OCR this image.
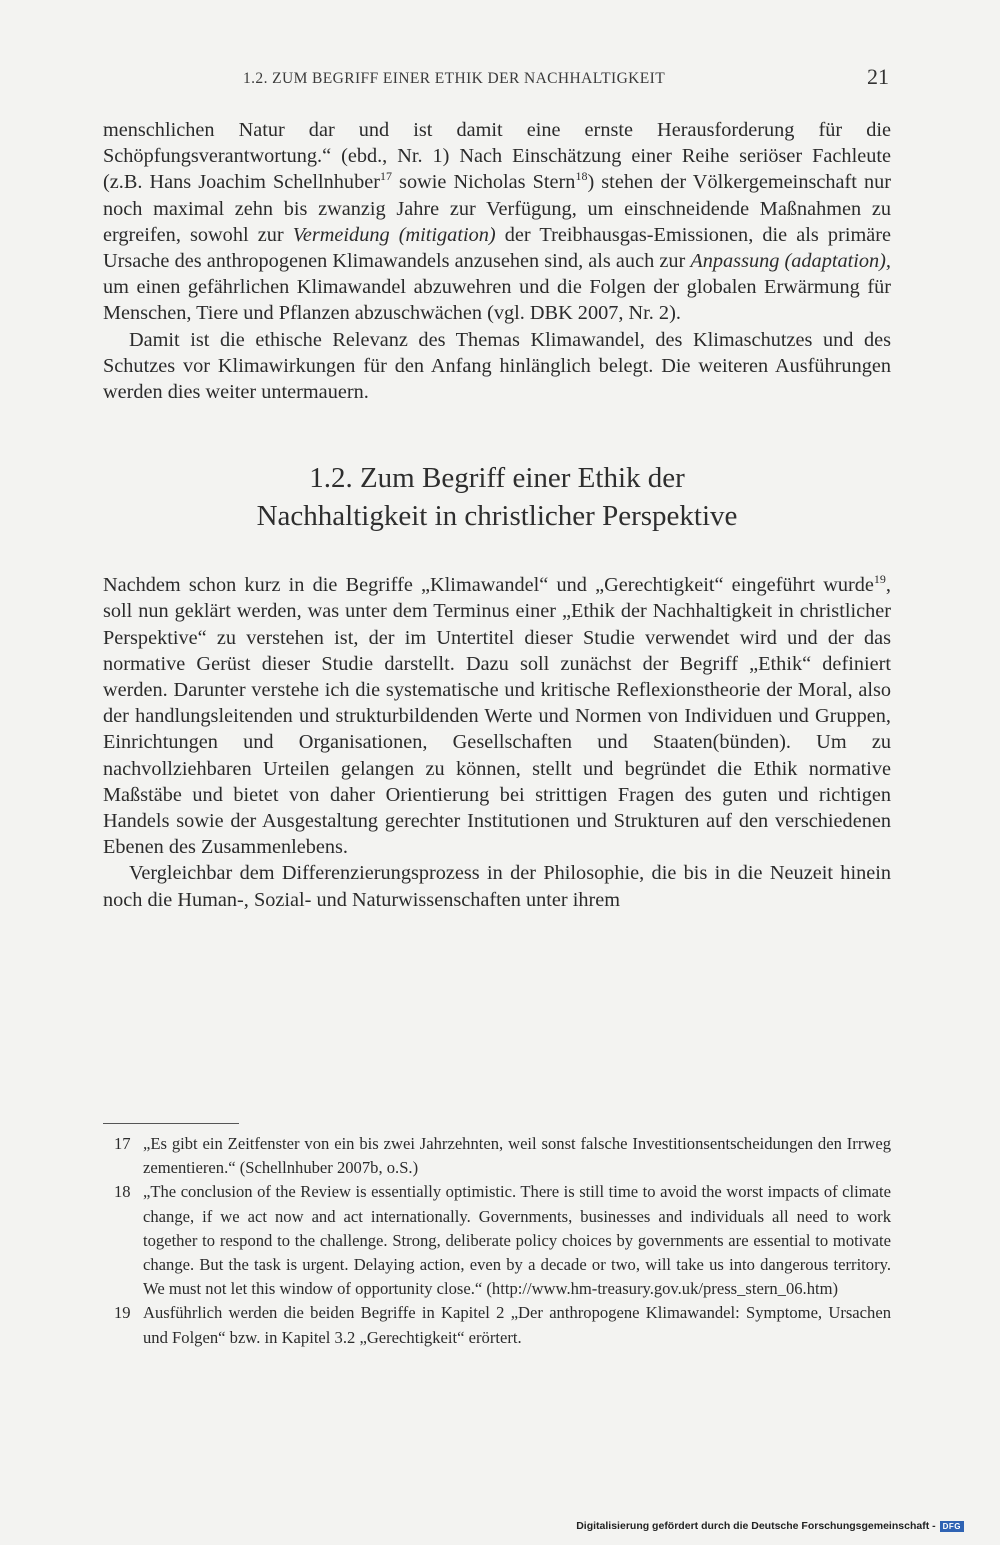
1.2. ZUM BEGRIFF EINER ETHIK DER NACHHALTIGKEIT	21

menschlichen Natur dar und ist damit eine ernste Herausforderung für die Schöpfungsverantwortung.“ (ebd., Nr. 1) Nach Einschätzung einer Reihe seriöser Fachleute (z.B. Hans Joachim Schellnhuber$^{17}$ sowie Nicholas Stern$^{18}$) stehen der Völkergemeinschaft nur noch maximal zehn bis zwanzig Jahre zur Verfügung, um einschneidende Maßnahmen zu ergreifen, sowohl zur Vermeidung (mitigation) der Treibhausgas-Emissionen, die als primäre Ursache des anthropogenen Klimawandels anzusehen sind, als auch zur Anpassung (adaptation), um einen gefährlichen Klimawandel abzuwehren und die Folgen der globalen Erwärmung für Menschen, Tiere und Pflanzen abzuschwächen (vgl. DBK 2007, Nr. 2).

Damit ist die ethische Relevanz des Themas Klimawandel, des Klimaschutzes und des Schutzes vor Klimawirkungen für den Anfang hinlänglich belegt. Die weiteren Ausführungen werden dies weiter untermauern.

1.2. Zum Begriff einer Ethik der
Nachhaltigkeit in christlicher Perspektive

Nachdem schon kurz in die Begriffe „Klimawandel“ und „Gerechtigkeit“ eingeführt wurde$^{19}$, soll nun geklärt werden, was unter dem Terminus einer „Ethik der Nachhaltigkeit in christlicher Perspektive“ zu verstehen ist, der im Untertitel dieser Studie verwendet wird und der das normative Gerüst dieser Studie darstellt. Dazu soll zunächst der Begriff „Ethik“ definiert werden. Darunter verstehe ich die systematische und kritische Reflexionstheorie der Moral, also der handlungsleitenden und strukturbildenden Werte und Normen von Individuen und Gruppen, Einrichtungen und Organisationen, Gesellschaften und Staaten(bünden). Um zu nachvollziehbaren Urteilen gelangen zu können, stellt und begründet die Ethik normative Maßstäbe und bietet von daher Orientierung bei strittigen Fragen des guten und richtigen Handels sowie der Ausgestaltung gerechter Institutionen und Strukturen auf den verschiedenen Ebenen des Zusammenlebens.

Vergleichbar dem Differenzierungsprozess in der Philosophie, die bis in die Neuzeit hinein noch die Human-, Sozial- und Naturwissenschaften unter ihrem

17 „Es gibt ein Zeitfenster von ein bis zwei Jahrzehnten, weil sonst falsche Investitionsentscheidungen den Irrweg zementieren.“ (Schellnhuber 2007b, o.S.)
18 „The conclusion of the Review is essentially optimistic. There is still time to avoid the worst impacts of climate change, if we act now and act internationally. Governments, businesses and individuals all need to work together to respond to the challenge. Strong, deliberate policy choices by governments are essential to motivate change. But the task is urgent. Delaying action, even by a decade or two, will take us into dangerous territory. We must not let this window of opportunity close.“ (http://www.hm-treasury.gov.uk/press_stern_06.htm)
19 Ausführlich werden die beiden Begriffe in Kapitel 2 „Der anthropogene Klimawandel: Symptome, Ursachen und Folgen“ bzw. in Kapitel 3.2 „Gerechtigkeit“ erörtert.
Digitalisierung gefördert durch die Deutsche Forschungsgemeinschaft - DFG
